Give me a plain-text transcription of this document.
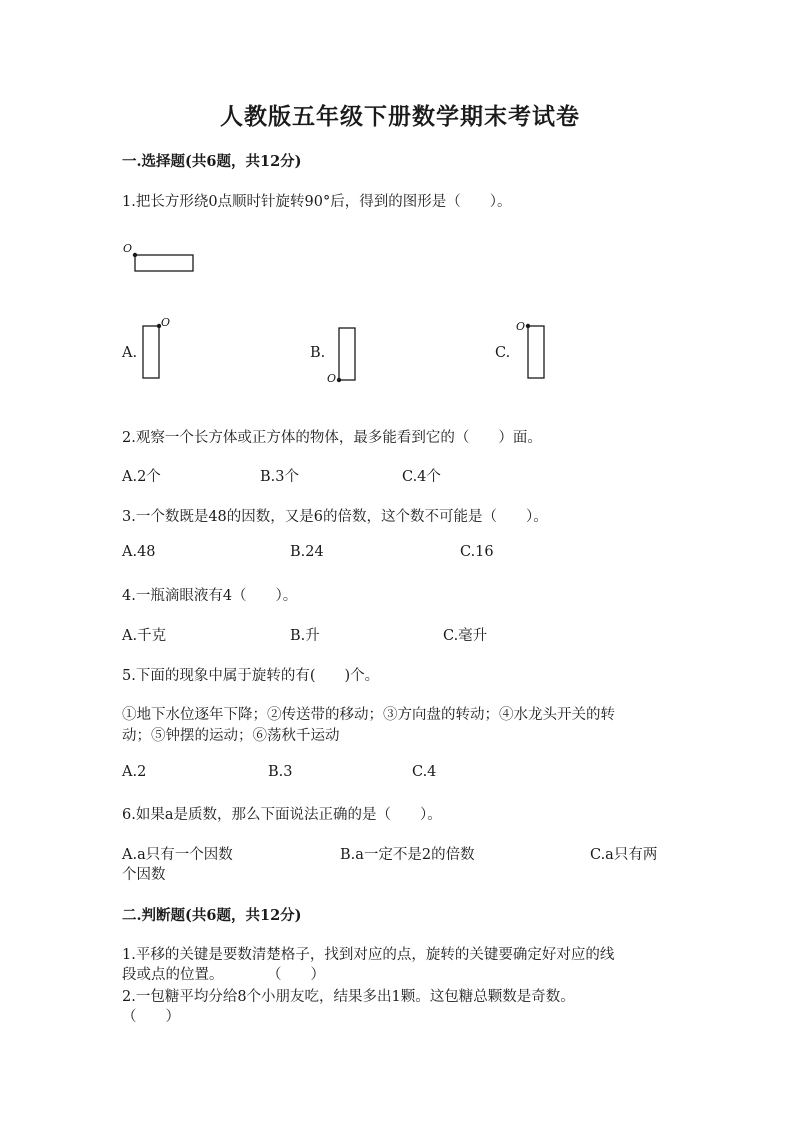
人教版五年级下册数学期末考试卷
一.选择题(共6题，共12分)
1.把长方形绕0点顺时针旋转90°后，得到的图形是（　　）。
O
A.
O
B.
O
C.
O
2.观察一个长方体或正方体的物体，最多能看到它的（　　）面。
A.2个	B.3个	C.4个
3.一个数既是48的因数，又是6的倍数，这个数不可能是（　　）。
A.48	B.24	C.16
4.一瓶滴眼液有4（　　）。
A.千克	B.升	C.毫升
5.下面的现象中属于旋转的有(　　)个。
①地下水位逐年下降；②传送带的移动；③方向盘的转动；④水龙头开关的转
动；⑤钟摆的运动；⑥荡秋千运动
A.2	B.3	C.4
6.如果a是质数，那么下面说法正确的是（　　）。
A.a只有一个因数	B.a一定不是2的倍数	C.a只有两
个因数
二.判断题(共6题，共12分)
1.平移的关键是要数清楚格子，找到对应的点，旋转的关键要确定好对应的线
段或点的位置。　　　　（　　）
2.一包糖平均分给8个小朋友吃，结果多出1颗。这包糖总颗数是奇数。
（　　）
